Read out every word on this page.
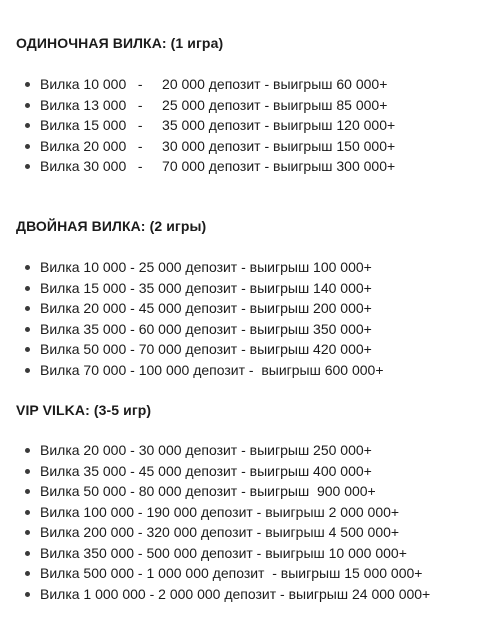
ОДИНОЧНАЯ ВИЛКА: (1 игра)
Вилка 10 000   -     20 000 депозит - выигрыш 60 000+
Вилка 13 000   -     25 000 депозит - выигрыш 85 000+
Вилка 15 000   -     35 000 депозит - выигрыш 120 000+
Вилка 20 000   -     30 000 депозит - выигрыш 150 000+
Вилка 30 000   -     70 000 депозит - выигрыш 300 000+
ДВОЙНАЯ ВИЛКА: (2 игры)
Вилка 10 000 - 25 000 депозит - выигрыш 100 000+
Вилка 15 000 - 35 000 депозит - выигрыш 140 000+
Вилка 20 000 - 45 000 депозит - выигрыш 200 000+
Вилка 35 000 - 60 000 депозит - выигрыш 350 000+
Вилка 50 000 - 70 000 депозит - выигрыш 420 000+
Вилка 70 000 - 100 000 депозит -  выигрыш 600 000+
VIP VILKA: (3-5 игр)
Вилка 20 000 - 30 000 депозит - выигрыш 250 000+
Вилка 35 000 - 45 000 депозит - выигрыш 400 000+
Вилка 50 000 - 80 000 депозит - выигрыш  900 000+
Вилка 100 000 - 190 000 депозит - выигрыш 2 000 000+
Вилка 200 000 - 320 000 депозит - выигрыш 4 500 000+
Вилка 350 000 - 500 000 депозит - выигрыш 10 000 000+
Вилка 500 000 - 1 000 000 депозит  - выигрыш 15 000 000+
Вилка 1 000 000 - 2 000 000 депозит - выигрыш 24 000 000+
